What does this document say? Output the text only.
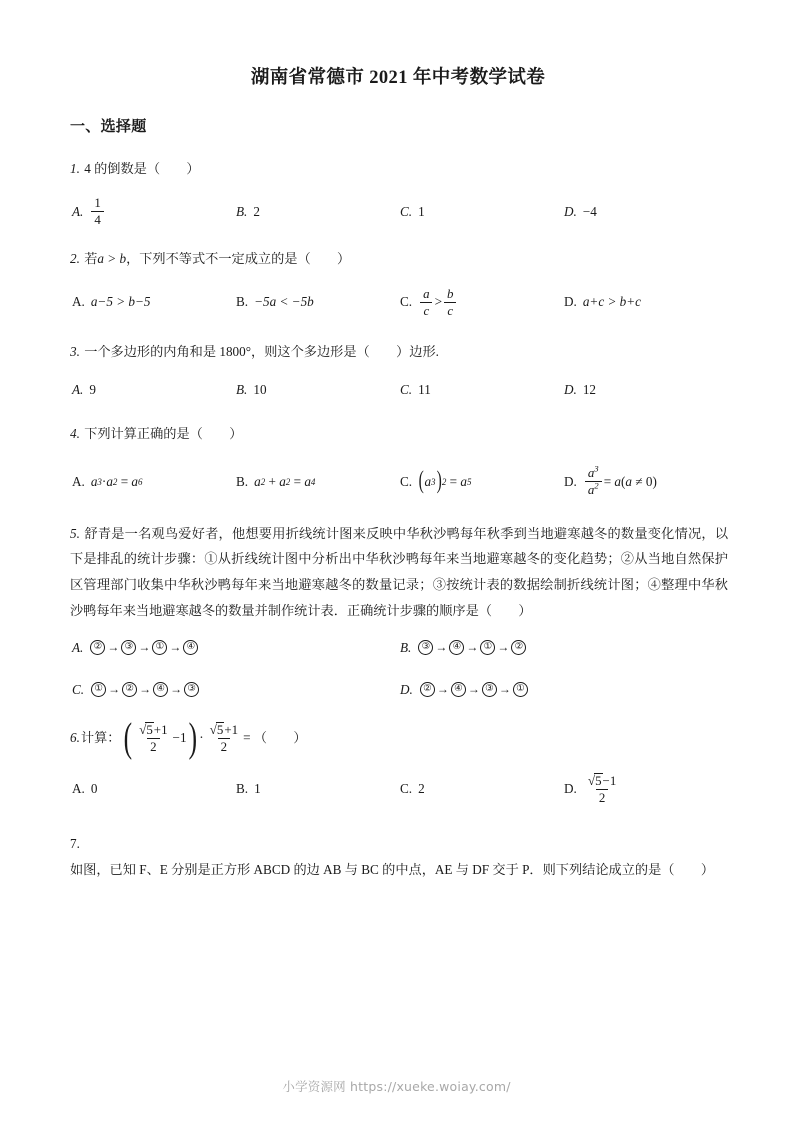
湖南省常德市 2021 年中考数学试卷
一、选择题

1. 4 的倒数是（　　）

A. $\frac{1}{4}$	B. 2	C. 1	D. −4

2. 若a > b，下列不等式不一定成立的是（　　）

A. a−5 > b−5	B. −5a < −5b	C. $\frac{a}{c} > \frac{b}{c}$	D. a+c > b+c

3. 一个多边形的内角和是 1800°，则这个多边形是（　　）边形.

A. 9	B. 10	C. 11	D. 12

4. 下列计算正确的是（　　）

A. a 3 · a 2 = a 6	B. a 2 + a 2 = a 4	C. ( a 3 ) 2 = a 5	D. $\frac{a^3}{a^2} = a$ ( a ≠ 0)

5. 舒青是一名观鸟爱好者，他想要用折线统计图来反映中华秋沙鸭每年秋季到当地避寒越冬的数量变化情况，以下是排乱的统计步骤：①从折线统计图中分析出中华秋沙鸭每年来当地避寒越冬的变化趋势；②从当地自然保护区管理部门收集中华秋沙鸭每年来当地避寒越冬的数量记录；③按统计表的数据绘制折线统计图；④整理中华秋沙鸭每年来当地避寒越冬的数量并制作统计表．正确统计步骤的顺序是（　　）

A.	② → ③ → ① → ④	B.	③ → ④ → ① → ②
C.	① → ② → ④ → ③	D.	② → ④ → ③ → ①

6. 计算： ( $\frac{√ 5 +1}{2} -1$ ) · $\frac{√ 5 +1}{2}$ = （　　）

A. 0	B. 1	C. 2	D. $\frac{√ 5 -1}{2}$

7. 如图，已知 F、E 分别是正方形 ABCD 的边 AB 与 BC 的中点，AE 与 DF 交于 P．则下列结论成立的是（　　）

小学资源网 https://xueke.woiay.com/
